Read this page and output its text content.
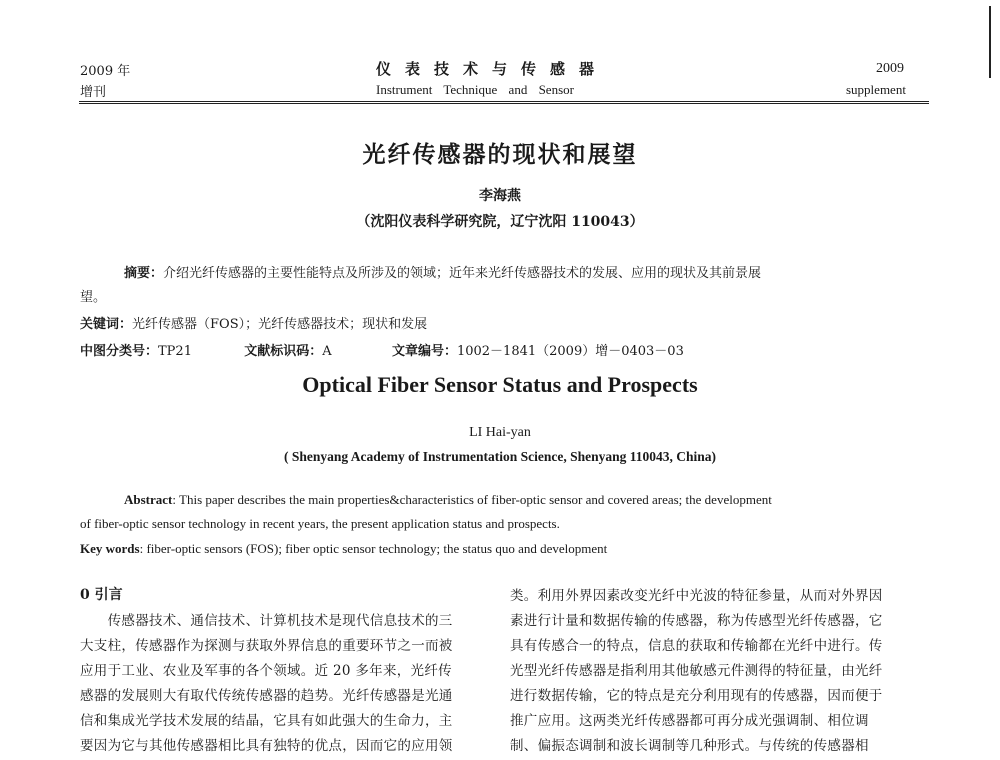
2009 年
增刊
仪表技术与传感器
Instrument Technique and Sensor
2009
supplement
光纤传感器的现状和展望
李海燕
（沈阳仪表科学研究院，辽宁沈阳 110043）
摘要：介绍光纤传感器的主要性能特点及所涉及的领域；近年来光纤传感器技术的发展、应用的现状及其前景展
望。
关键词：光纤传感器（FOS）；光纤传感器技术；现状和发展
中图分类号：TP21	文献标识码：A	文章编号：1002－1841（2009）增－0403－03
Optical Fiber Sensor Status and Prospects
LI Hai-yan
( Shenyang Academy of Instrumentation Science, Shenyang 110043, China)
Abstract: This paper describes the main properties&characteristics of fiber-optic sensor and covered areas; the development
of fiber-optic sensor technology in recent years, the present application status and prospects.
Key words: fiber-optic sensors (FOS); fiber optic sensor technology; the status quo and development
0 引言
　　传感器技术、通信技术、计算机技术是现代信息技术的三
大支柱，传感器作为探测与获取外界信息的重要环节之一而被
应用于工业、农业及军事的各个领域。近 20 多年来，光纤传
感器的发展则大有取代传统传感器的趋势。光纤传感器是光通
信和集成光学技术发展的结晶，它具有如此强大的生命力，主
要因为它与其他传感器相比具有独特的优点，因而它的应用领
类。利用外界因素改变光纤中光波的特征参量，从而对外界因
素进行计量和数据传输的传感器，称为传感型光纤传感器，它
具有传感合一的特点，信息的获取和传输都在光纤中进行。传
光型光纤传感器是指利用其他敏感元件测得的特征量，由光纤
进行数据传输，它的特点是充分利用现有的传感器，因而便于
推广应用。这两类光纤传感器都可再分成光强调制、相位调
制、偏振态调制和波长调制等几种形式。与传统的传感器相
